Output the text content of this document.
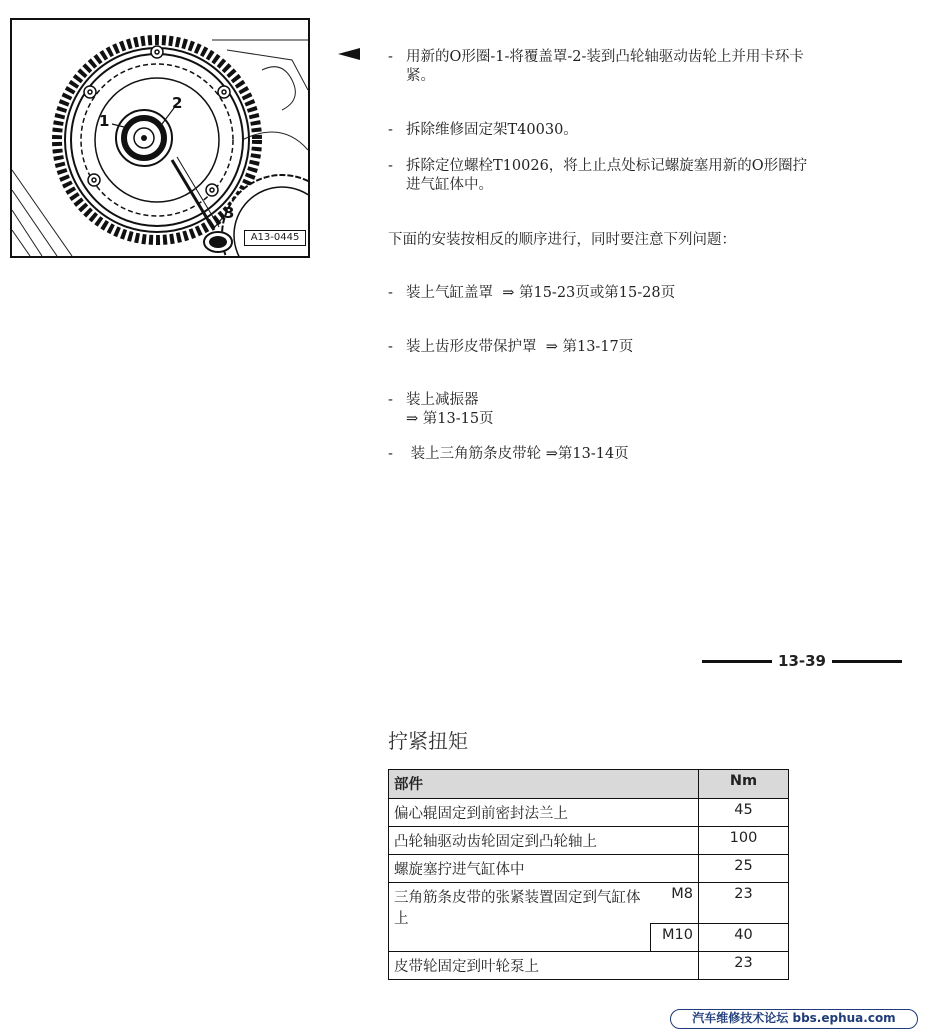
1
2
3
A13-0445
- 用新的O形圈-1-将覆盖罩-2-装到凸轮轴驱动齿轮上并用卡环卡紧。
- 拆除维修固定架T40030。
- 拆除定位螺栓T10026，将上止点处标记螺旋塞用新的O形圈拧进气缸体中。
下面的安装按相反的顺序进行，同时要注意下列问题：
- 装上气缸盖罩 ⇒ 第15-23页或第15-28页
- 装上齿形皮带保护罩 ⇒ 第13-17页
- 装上减振器
⇒ 第13-15页
-	装上三角筋条皮带轮 ⇒第13-14页
13-39
拧紧扭矩
部件		Nm
偏心辊固定到前密封法兰上		45
凸轮轴驱动齿轮固定到凸轮轴上		100
螺旋塞拧进气缸体中		25
三角筋条皮带的张紧装置固定到气缸体上	M8	23
	M10	40
皮带轮固定到叶轮泵上		23
汽车维修技术论坛 bbs.ephua.com
